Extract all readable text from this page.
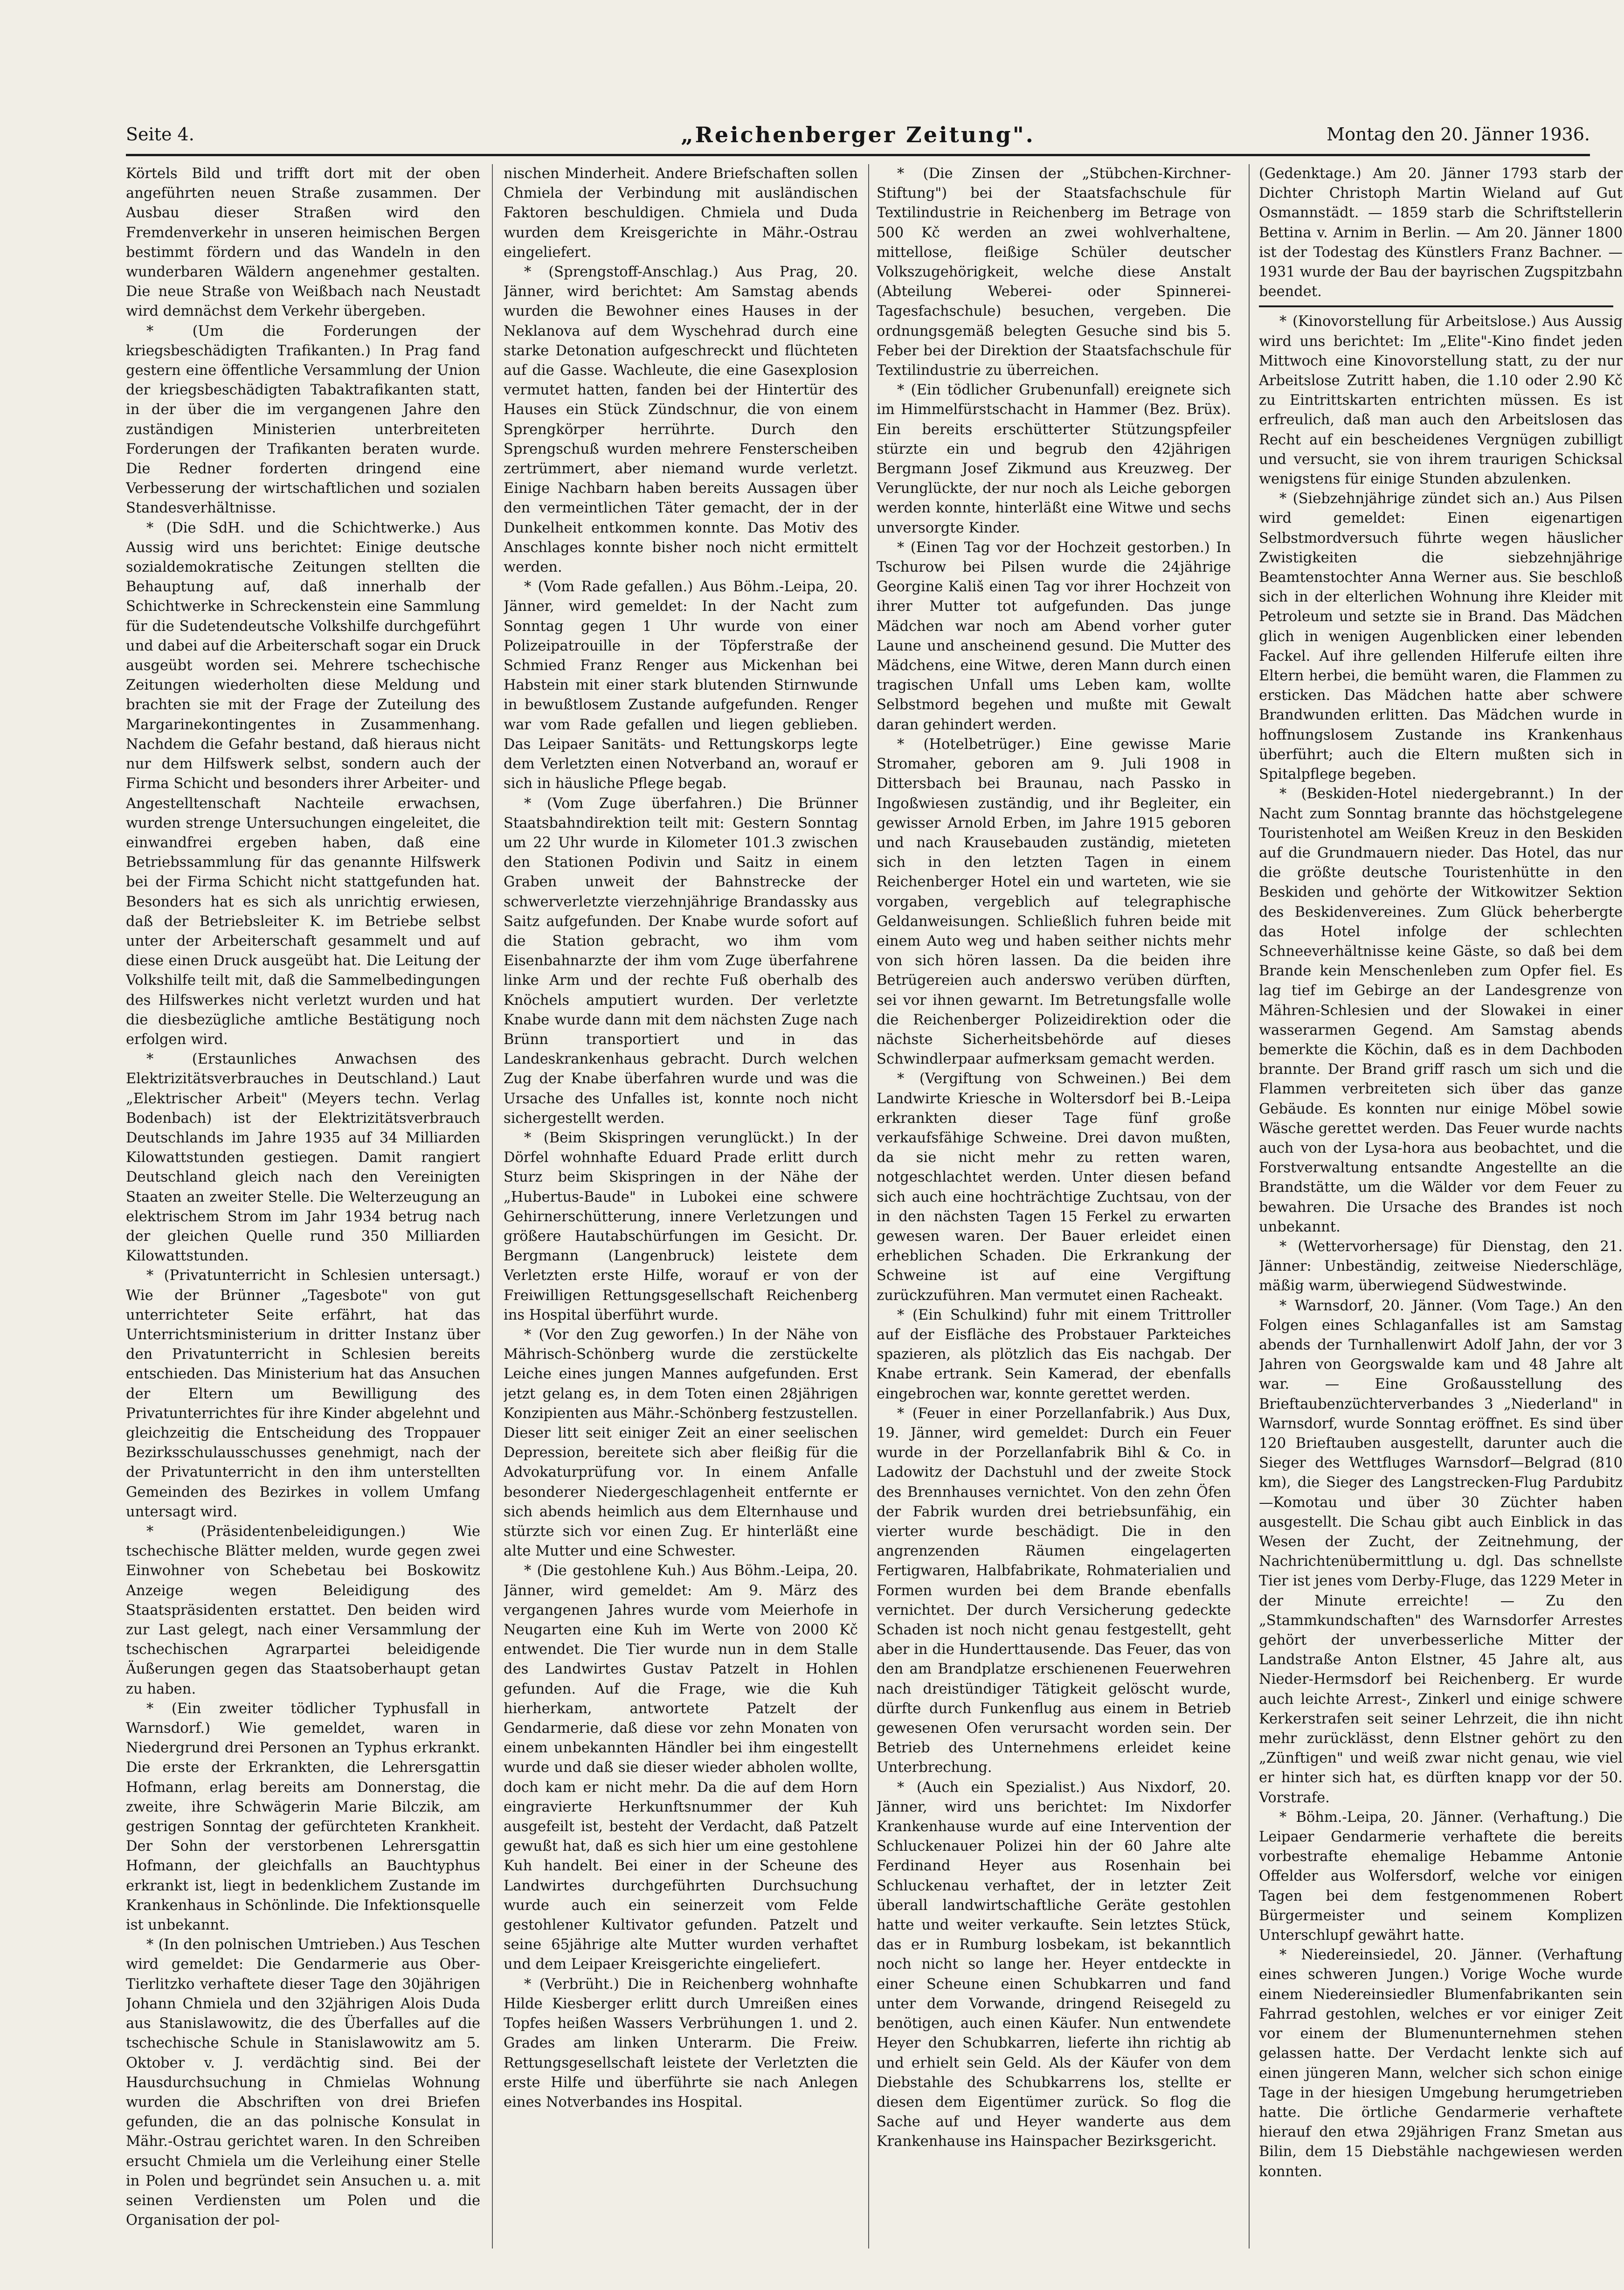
Seite 4.	„Reichenberger Zeitung".	Montag den 20. Jänner 1936.

Körtels Bild und trifft dort mit der oben angeführten neuen Straße zusammen. Der Ausbau dieser Straßen wird den Fremdenverkehr in unseren heimischen Bergen bestimmt fördern und das Wandeln in den wunderbaren Wäldern angenehmer gestalten. Die neue Straße von Weißbach nach Neustadt wird demnächst dem Verkehr übergeben.

* (Um die Forderungen der kriegsbeschädigten Trafikanten.) In Prag fand gestern eine öffentliche Versammlung der Union der kriegsbeschädigten Tabaktrafikanten statt, in der über die im vergangenen Jahre den zuständigen Ministerien unterbreiteten Forderungen der Trafikanten beraten wurde. Die Redner forderten dringend eine Verbesserung der wirtschaftlichen und sozialen Standesverhältnisse.

* (Die SdH. und die Schichtwerke.) Aus Aussig wird uns berichtet: Einige deutsche sozialdemokratische Zeitungen stellten die Behauptung auf, daß innerhalb der Schichtwerke in Schreckenstein eine Sammlung für die Sudetendeutsche Volkshilfe durchgeführt und dabei auf die Arbeiterschaft sogar ein Druck ausgeübt worden sei. Mehrere tschechische Zeitungen wiederholten diese Meldung und brachten sie mit der Frage der Zuteilung des Margarinekontingentes in Zusammenhang. Nachdem die Gefahr bestand, daß hieraus nicht nur dem Hilfswerk selbst, sondern auch der Firma Schicht und besonders ihrer Arbeiter- und Angestelltenschaft Nachteile erwachsen, wurden strenge Untersuchungen eingeleitet, die einwandfrei ergeben haben, daß eine Betriebssammlung für das genannte Hilfswerk bei der Firma Schicht nicht stattgefunden hat. Besonders hat es sich als unrichtig erwiesen, daß der Betriebsleiter K. im Betriebe selbst unter der Arbeiterschaft gesammelt und auf diese einen Druck ausgeübt hat. Die Leitung der Volkshilfe teilt mit, daß die Sammelbedingungen des Hilfswerkes nicht verletzt wurden und hat die diesbezügliche amtliche Bestätigung noch erfolgen wird.

* (Erstaunliches Anwachsen des Elektrizitätsverbrauches in Deutschland.) Laut „Elektrischer Arbeit" (Meyers techn. Verlag Bodenbach) ist der Elektrizitätsverbrauch Deutschlands im Jahre 1935 auf 34 Milliarden Kilowattstunden gestiegen. Damit rangiert Deutschland gleich nach den Vereinigten Staaten an zweiter Stelle. Die Welterzeugung an elektrischem Strom im Jahr 1934 betrug nach der gleichen Quelle rund 350 Milliarden Kilowattstunden.

* (Privatunterricht in Schlesien untersagt.) Wie der Brünner „Tagesbote" von gut unterrichteter Seite erfährt, hat das Unterrichtsministerium in dritter Instanz über den Privatunterricht in Schlesien bereits entschieden. Das Ministerium hat das Ansuchen der Eltern um Bewilligung des Privatunterrichtes für ihre Kinder abgelehnt und gleichzeitig die Entscheidung des Troppauer Bezirksschulausschusses genehmigt, nach der der Privatunterricht in den ihm unterstellten Gemeinden des Bezirkes in vollem Umfang untersagt wird.

* (Präsidentenbeleidigungen.) Wie tschechische Blätter melden, wurde gegen zwei Einwohner von Schebetau bei Boskowitz Anzeige wegen Beleidigung des Staatspräsidenten erstattet. Den beiden wird zur Last gelegt, nach einer Versammlung der tschechischen Agrarpartei beleidigende Äußerungen gegen das Staatsoberhaupt getan zu haben.

* (Ein zweiter tödlicher Typhusfall in Warnsdorf.) Wie gemeldet, waren in Niedergrund drei Personen an Typhus erkrankt. Die erste der Erkrankten, die Lehrersgattin Hofmann, erlag bereits am Donnerstag, die zweite, ihre Schwägerin Marie Bilczik, am gestrigen Sonntag der gefürchteten Krankheit. Der Sohn der verstorbenen Lehrersgattin Hofmann, der gleichfalls an Bauchtyphus erkrankt ist, liegt in bedenklichem Zustande im Krankenhaus in Schönlinde. Die Infektionsquelle ist unbekannt.

* (In den polnischen Umtrieben.) Aus Teschen wird gemeldet: Die Gendarmerie aus Ober-Tierlitzko verhaftete dieser Tage den 30jährigen Johann Chmiela und den 32jährigen Alois Duda aus Stanislawowitz, die des Überfalles auf die tschechische Schule in Stanislawowitz am 5. Oktober v. J. verdächtig sind. Bei der Hausdurchsuchung in Chmielas Wohnung wurden die Abschriften von drei Briefen gefunden, die an das polnische Konsulat in Mähr.-Ostrau gerichtet waren. In den Schreiben ersucht Chmiela um die Verleihung einer Stelle in Polen und begründet sein Ansuchen u. a. mit seinen Verdiensten um Polen und die Organisation der pol-

nischen Minderheit. Andere Briefschaften sollen Chmiela der Verbindung mit ausländischen Faktoren beschuldigen. Chmiela und Duda wurden dem Kreisgerichte in Mähr.-Ostrau eingeliefert.

* (Sprengstoff-Anschlag.) Aus Prag, 20. Jänner, wird berichtet: Am Samstag abends wurden die Bewohner eines Hauses in der Neklanova auf dem Wyschehrad durch eine starke Detonation aufgeschreckt und flüchteten auf die Gasse. Wachleute, die eine Gasexplosion vermutet hatten, fanden bei der Hintertür des Hauses ein Stück Zündschnur, die von einem Sprengkörper herrührte. Durch den Sprengschuß wurden mehrere Fensterscheiben zertrümmert, aber niemand wurde verletzt. Einige Nachbarn haben bereits Aussagen über den vermeintlichen Täter gemacht, der in der Dunkelheit entkommen konnte. Das Motiv des Anschlages konnte bisher noch nicht ermittelt werden.

* (Vom Rade gefallen.) Aus Böhm.-Leipa, 20. Jänner, wird gemeldet: In der Nacht zum Sonntag gegen 1 Uhr wurde von einer Polizeipatrouille in der Töpferstraße der Schmied Franz Renger aus Mickenhan bei Habstein mit einer stark blutenden Stirnwunde in bewußtlosem Zustande aufgefunden. Renger war vom Rade gefallen und liegen geblieben. Das Leipaer Sanitäts- und Rettungskorps legte dem Verletzten einen Notverband an, worauf er sich in häusliche Pflege begab.

* (Vom Zuge überfahren.) Die Brünner Staatsbahndirektion teilt mit: Gestern Sonntag um 22 Uhr wurde in Kilometer 101.3 zwischen den Stationen Podivin und Saitz in einem Graben unweit der Bahnstrecke der schwerverletzte vierzehnjährige Brandassky aus Saitz aufgefunden. Der Knabe wurde sofort auf die Station gebracht, wo ihm vom Eisenbahnarzte der ihm vom Zuge überfahrene linke Arm und der rechte Fuß oberhalb des Knöchels amputiert wurden. Der verletzte Knabe wurde dann mit dem nächsten Zuge nach Brünn transportiert und in das Landeskrankenhaus gebracht. Durch welchen Zug der Knabe überfahren wurde und was die Ursache des Unfalles ist, konnte noch nicht sichergestellt werden.

* (Beim Skispringen verunglückt.) In der Dörfel wohnhafte Eduard Prade erlitt durch Sturz beim Skispringen in der Nähe der „Hubertus-Baude" in Lubokei eine schwere Gehirnerschütterung, innere Verletzungen und größere Hautabschürfungen im Gesicht. Dr. Bergmann (Langenbruck) leistete dem Verletzten erste Hilfe, worauf er von der Freiwilligen Rettungsgesellschaft Reichenberg ins Hospital überführt wurde.

* (Vor den Zug geworfen.) In der Nähe von Mährisch-Schönberg wurde die zerstückelte Leiche eines jungen Mannes aufgefunden. Erst jetzt gelang es, in dem Toten einen 28jährigen Konzipienten aus Mähr.-Schönberg festzustellen. Dieser litt seit einiger Zeit an einer seelischen Depression, bereitete sich aber fleißig für die Advokaturprüfung vor. In einem Anfalle besonderer Niedergeschlagenheit entfernte er sich abends heimlich aus dem Elternhause und stürzte sich vor einen Zug. Er hinterläßt eine alte Mutter und eine Schwester.

* (Die gestohlene Kuh.) Aus Böhm.-Leipa, 20. Jänner, wird gemeldet: Am 9. März des vergangenen Jahres wurde vom Meierhofe in Neugarten eine Kuh im Werte von 2000 Kč entwendet. Die Tier wurde nun in dem Stalle des Landwirtes Gustav Patzelt in Hohlen gefunden. Auf die Frage, wie die Kuh hierherkam, antwortete Patzelt der Gendarmerie, daß diese vor zehn Monaten von einem unbekannten Händler bei ihm eingestellt wurde und daß sie dieser wieder abholen wollte, doch kam er nicht mehr. Da die auf dem Horn eingravierte Herkunftsnummer der Kuh ausgefeilt ist, besteht der Verdacht, daß Patzelt gewußt hat, daß es sich hier um eine gestohlene Kuh handelt. Bei einer in der Scheune des Landwirtes durchgeführten Durchsuchung wurde auch ein seinerzeit vom Felde gestohlener Kultivator gefunden. Patzelt und seine 65jährige alte Mutter wurden verhaftet und dem Leipaer Kreisgerichte eingeliefert.

* (Verbrüht.) Die in Reichenberg wohnhafte Hilde Kiesberger erlitt durch Umreißen eines Topfes heißen Wassers Verbrühungen 1. und 2. Grades am linken Unterarm. Die Freiw. Rettungsgesellschaft leistete der Verletzten die erste Hilfe und überführte sie nach Anlegen eines Notverbandes ins Hospital.

* (Die Zinsen der „Stübchen-Kirchner-Stiftung") bei der Staatsfachschule für Textilindustrie in Reichenberg im Betrage von 500 Kč werden an zwei wohlverhaltene, mittellose, fleißige Schüler deutscher Volkszugehörigkeit, welche diese Anstalt (Abteilung Weberei- oder Spinnerei-Tagesfachschule) besuchen, vergeben. Die ordnungsgemäß belegten Gesuche sind bis 5. Feber bei der Direktion der Staatsfachschule für Textilindustrie zu überreichen.

* (Ein tödlicher Grubenunfall) ereignete sich im Himmelfürstschacht in Hammer (Bez. Brüx). Ein bereits erschütterter Stützungspfeiler stürzte ein und begrub den 42jährigen Bergmann Josef Zikmund aus Kreuzweg. Der Verunglückte, der nur noch als Leiche geborgen werden konnte, hinterläßt eine Witwe und sechs unversorgte Kinder.

* (Einen Tag vor der Hochzeit gestorben.) In Tschurow bei Pilsen wurde die 24jährige Georgine Kališ einen Tag vor ihrer Hochzeit von ihrer Mutter tot aufgefunden. Das junge Mädchen war noch am Abend vorher guter Laune und anscheinend gesund. Die Mutter des Mädchens, eine Witwe, deren Mann durch einen tragischen Unfall ums Leben kam, wollte Selbstmord begehen und mußte mit Gewalt daran gehindert werden.

* (Hotelbetrüger.) Eine gewisse Marie Stromaher, geboren am 9. Juli 1908 in Dittersbach bei Braunau, nach Passko in Ingoßwiesen zuständig, und ihr Begleiter, ein gewisser Arnold Erben, im Jahre 1915 geboren und nach Krausebauden zuständig, mieteten sich in den letzten Tagen in einem Reichenberger Hotel ein und warteten, wie sie vorgaben, vergeblich auf telegraphische Geldanweisungen. Schließlich fuhren beide mit einem Auto weg und haben seither nichts mehr von sich hören lassen. Da die beiden ihre Betrügereien auch anderswo verüben dürften, sei vor ihnen gewarnt. Im Betretungsfalle wolle die Reichenberger Polizeidirektion oder die nächste Sicherheitsbehörde auf dieses Schwindlerpaar aufmerksam gemacht werden.

* (Vergiftung von Schweinen.) Bei dem Landwirte Kriesche in Woltersdorf bei B.-Leipa erkrankten dieser Tage fünf große verkaufsfähige Schweine. Drei davon mußten, da sie nicht mehr zu retten waren, notgeschlachtet werden. Unter diesen befand sich auch eine hochträchtige Zuchtsau, von der in den nächsten Tagen 15 Ferkel zu erwarten gewesen waren. Der Bauer erleidet einen erheblichen Schaden. Die Erkrankung der Schweine ist auf eine Vergiftung zurückzuführen. Man vermutet einen Racheakt.

* (Ein Schulkind) fuhr mit einem Trittroller auf der Eisfläche des Probstauer Parkteiches spazieren, als plötzlich das Eis nachgab. Der Knabe ertrank. Sein Kamerad, der ebenfalls eingebrochen war, konnte gerettet werden.

* (Feuer in einer Porzellanfabrik.) Aus Dux, 19. Jänner, wird gemeldet: Durch ein Feuer wurde in der Porzellanfabrik Bihl & Co. in Ladowitz der Dachstuhl und der zweite Stock des Brennhauses vernichtet. Von den zehn Öfen der Fabrik wurden drei betriebsunfähig, ein vierter wurde beschädigt. Die in den angrenzenden Räumen eingelagerten Fertigwaren, Halbfabrikate, Rohmaterialien und Formen wurden bei dem Brande ebenfalls vernichtet. Der durch Versicherung gedeckte Schaden ist noch nicht genau festgestellt, geht aber in die Hunderttausende. Das Feuer, das von den am Brandplatze erschienenen Feuerwehren nach dreistündiger Tätigkeit gelöscht wurde, dürfte durch Funkenflug aus einem in Betrieb gewesenen Ofen verursacht worden sein. Der Betrieb des Unternehmens erleidet keine Unterbrechung.

* (Auch ein Spezialist.) Aus Nixdorf, 20. Jänner, wird uns berichtet: Im Nixdorfer Krankenhause wurde auf eine Intervention der Schluckenauer Polizei hin der 60 Jahre alte Ferdinand Heyer aus Rosenhain bei Schluckenau verhaftet, der in letzter Zeit überall landwirtschaftliche Geräte gestohlen hatte und weiter verkaufte. Sein letztes Stück, das er in Rumburg losbekam, ist bekanntlich noch nicht so lange her. Heyer entdeckte in einer Scheune einen Schubkarren und fand unter dem Vorwande, dringend Reisegeld zu benötigen, auch einen Käufer. Nun entwendete Heyer den Schubkarren, lieferte ihn richtig ab und erhielt sein Geld. Als der Käufer von dem Diebstahle des Schubkarrens los, stellte er diesen dem Eigentümer zurück. So flog die Sache auf und Heyer wanderte aus dem Krankenhause ins Hainspacher Bezirksgericht.

(Gedenktage.) Am 20. Jänner 1793 starb der Dichter Christoph Martin Wieland auf Gut Osmannstädt. — 1859 starb die Schriftstellerin Bettina v. Arnim in Berlin. — Am 20. Jänner 1800 ist der Todestag des Künstlers Franz Bachner. — 1931 wurde der Bau der bayrischen Zugspitzbahn beendet.

* (Kinovorstellung für Arbeitslose.) Aus Aussig wird uns berichtet: Im „Elite"-Kino findet jeden Mittwoch eine Kinovorstellung statt, zu der nur Arbeitslose Zutritt haben, die 1.10 oder 2.90 Kč zu Eintrittskarten entrichten müssen. Es ist erfreulich, daß man auch den Arbeitslosen das Recht auf ein bescheidenes Vergnügen zubilligt und versucht, sie von ihrem traurigen Schicksal wenigstens für einige Stunden abzulenken.

* (Siebzehnjährige zündet sich an.) Aus Pilsen wird gemeldet: Einen eigenartigen Selbstmordversuch führte wegen häuslicher Zwistigkeiten die siebzehnjährige Beamtenstochter Anna Werner aus. Sie beschloß sich in der elterlichen Wohnung ihre Kleider mit Petroleum und setzte sie in Brand. Das Mädchen glich in wenigen Augenblicken einer lebenden Fackel. Auf ihre gellenden Hilferufe eilten ihre Eltern herbei, die bemüht waren, die Flammen zu ersticken. Das Mädchen hatte aber schwere Brandwunden erlitten. Das Mädchen wurde in hoffnungslosem Zustande ins Krankenhaus überführt; auch die Eltern mußten sich in Spitalpflege begeben.

* (Beskiden-Hotel niedergebrannt.) In der Nacht zum Sonntag brannte das höchstgelegene Touristenhotel am Weißen Kreuz in den Beskiden auf die Grundmauern nieder. Das Hotel, das nur die größte deutsche Touristenhütte in den Beskiden und gehörte der Witkowitzer Sektion des Beskidenvereines. Zum Glück beherbergte das Hotel infolge der schlechten Schneeverhältnisse keine Gäste, so daß bei dem Brande kein Menschenleben zum Opfer fiel. Es lag tief im Gebirge an der Landesgrenze von Mähren-Schlesien und der Slowakei in einer wasserarmen Gegend. Am Samstag abends bemerkte die Köchin, daß es in dem Dachboden brannte. Der Brand griff rasch um sich und die Flammen verbreiteten sich über das ganze Gebäude. Es konnten nur einige Möbel sowie Wäsche gerettet werden. Das Feuer wurde nachts auch von der Lysa-hora aus beobachtet, und die Forstverwaltung entsandte Angestellte an die Brandstätte, um die Wälder vor dem Feuer zu bewahren. Die Ursache des Brandes ist noch unbekannt.

* (Wettervorhersage) für Dienstag, den 21. Jänner: Unbeständig, zeitweise Niederschläge, mäßig warm, überwiegend Südwestwinde.

* Warnsdorf, 20. Jänner. (Vom Tage.) An den Folgen eines Schlaganfalles ist am Samstag abends der Turnhallenwirt Adolf Jahn, der vor 3 Jahren von Georgswalde kam und 48 Jahre alt war. — Eine Großausstellung des Brieftaubenzüchterverbandes 3 „Niederland" in Warnsdorf, wurde Sonntag eröffnet. Es sind über 120 Brieftauben ausgestellt, darunter auch die Sieger des Wettfluges Warnsdorf—Belgrad (810 km), die Sieger des Langstrecken-Flug Pardubitz—Komotau und über 30 Züchter haben ausgestellt. Die Schau gibt auch Einblick in das Wesen der Zucht, der Zeitnehmung, der Nachrichtenübermittlung u. dgl. Das schnellste Tier ist jenes vom Derby-Fluge, das 1229 Meter in der Minute erreichte! — Zu den „Stammkundschaften" des Warnsdorfer Arrestes gehört der unverbesserliche Mitter der Landstraße Anton Elstner, 45 Jahre alt, aus Nieder-Hermsdorf bei Reichenberg. Er wurde auch leichte Arrest-, Zinkerl und einige schwere Kerkerstrafen seit seiner Lehrzeit, die ihn nicht mehr zurücklässt, denn Elstner gehört zu den „Zünftigen" und weiß zwar nicht genau, wie viel er hinter sich hat, es dürften knapp vor der 50. Vorstrafe.

* Böhm.-Leipa, 20. Jänner. (Verhaftung.) Die Leipaer Gendarmerie verhaftete die bereits vorbestrafte ehemalige Hebamme Antonie Offelder aus Wolfersdorf, welche vor einigen Tagen bei dem festgenommenen Robert Bürgermeister und seinem Komplizen Unterschlupf gewährt hatte.

* Niedereinsiedel, 20. Jänner. (Verhaftung eines schweren Jungen.) Vorige Woche wurde einem Niedereinsiedler Blumenfabrikanten sein Fahrrad gestohlen, welches er vor einiger Zeit vor einem der Blumenunternehmen stehen gelassen hatte. Der Verdacht lenkte sich auf einen jüngeren Mann, welcher sich schon einige Tage in der hiesigen Umgebung herumgetrieben hatte. Die örtliche Gendarmerie verhaftete hierauf den etwa 29jährigen Franz Smetan aus Bilin, dem 15 Diebstähle nachgewiesen werden konnten.
